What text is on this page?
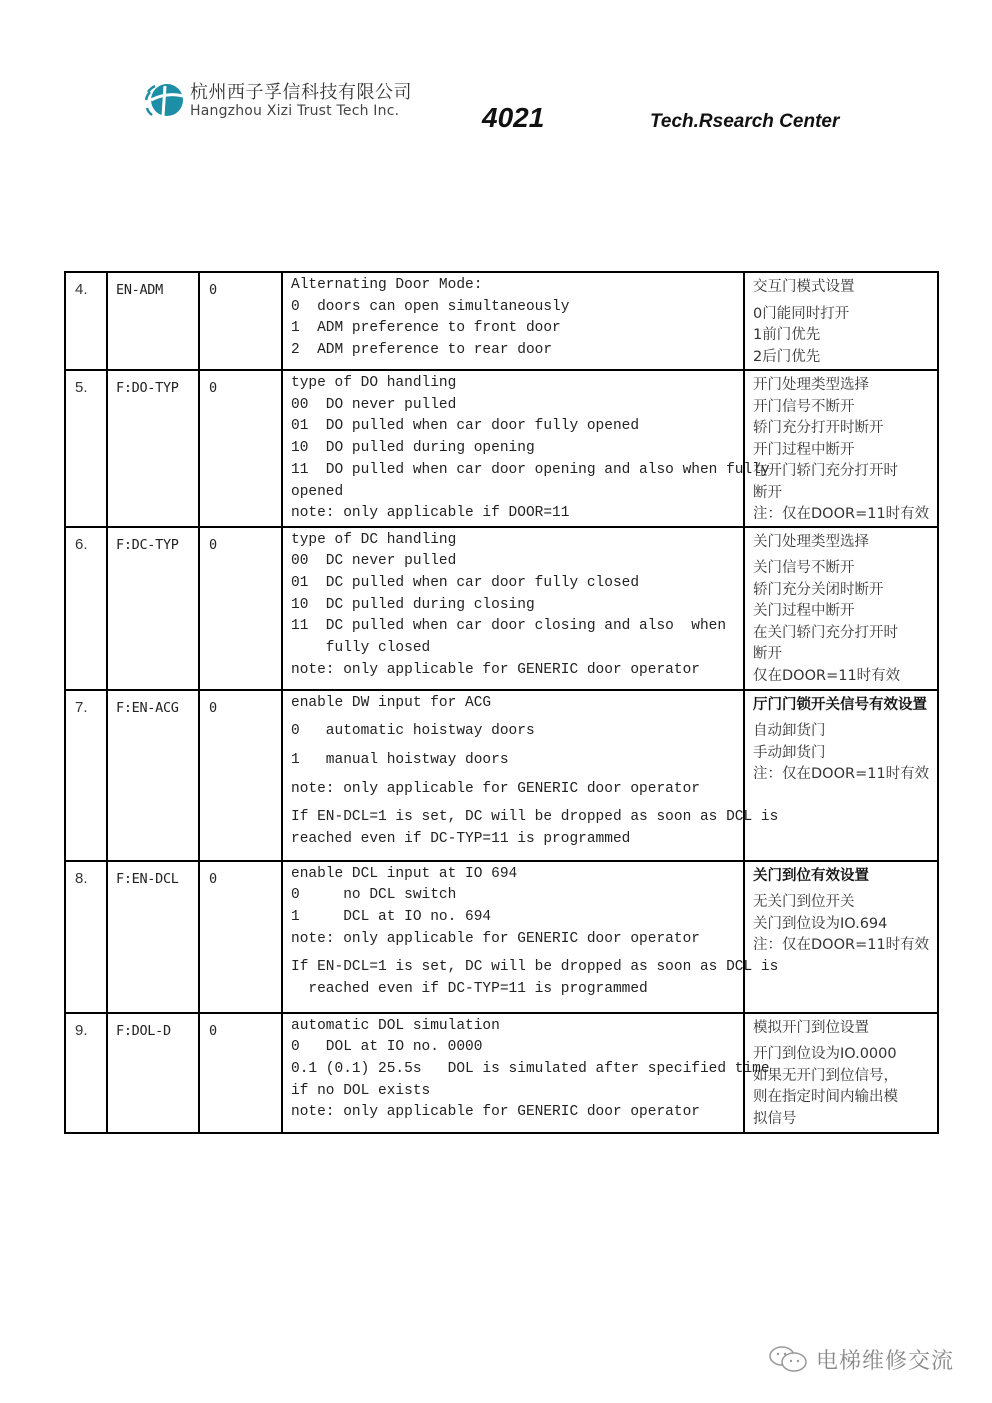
杭州西子孚信科技有限公司
Hangzhou Xizi Trust Tech Inc.	4021	Tech.Rsearch Center
4.	EN-ADM	0	Alternating Door Mode:
0  doors can open simultaneously
1  ADM preference to front door
2  ADM preference to rear door	交互门模式设置
0门能同时打开
1前门优先
2后门优先

5.	F:DO-TYP	0	type of DO handling
00  DO never pulled
01  DO pulled when car door fully opened
10  DO pulled during opening
11  DO pulled when car door opening and also when fully
opened
note: only applicable if DOOR=11

开门处理类型选择
开门信号不断开
轿门充分打开时断开
开门过程中断开
在开门轿门充分打开时
断开
注：仅在DOOR=11时有效

6.	F:DC-TYP	0	type of DC handling
00  DC never pulled
01  DC pulled when car door fully closed
10  DC pulled during closing
11  DC pulled when car door closing and also  when
fully closed
note: only applicable for GENERIC door operator

关门处理类型选择
关门信号不断开
轿门充分关闭时断开
关门过程中断开
在关门轿门充分打开时
断开
仅在DOOR=11时有效

7.	F:EN-ACG	0	enable DW input for ACG
0   automatic hoistway doors
1   manual hoistway doors
note: only applicable for GENERIC door operator
If EN-DCL=1 is set, DC will be dropped as soon as DCL is
reached even if DC-TYP=11 is programmed

厅门门锁开关信号有效设置
自动卸货门
手动卸货门
注：仅在DOOR=11时有效

8.	F:EN-DCL	0	enable DCL input at IO 694
0     no DCL switch
1     DCL at IO no. 694
note: only applicable for GENERIC door operator
If EN-DCL=1 is set, DC will be dropped as soon as DCL is
reached even if DC-TYP=11 is programmed

关门到位有效设置
无关门到位开关
关门到位设为IO.694
注：仅在DOOR=11时有效

9.	F:DOL-D	0	automatic DOL simulation
0   DOL at IO no. 0000
0.1 (0.1) 25.5s   DOL is simulated after specified time
if no DOL exists
note: only applicable for GENERIC door operator	模拟开门到位设置
开门到位设为IO.0000
如果无开门到位信号，
则在指定时间内输出模
拟信号
电梯维修交流
